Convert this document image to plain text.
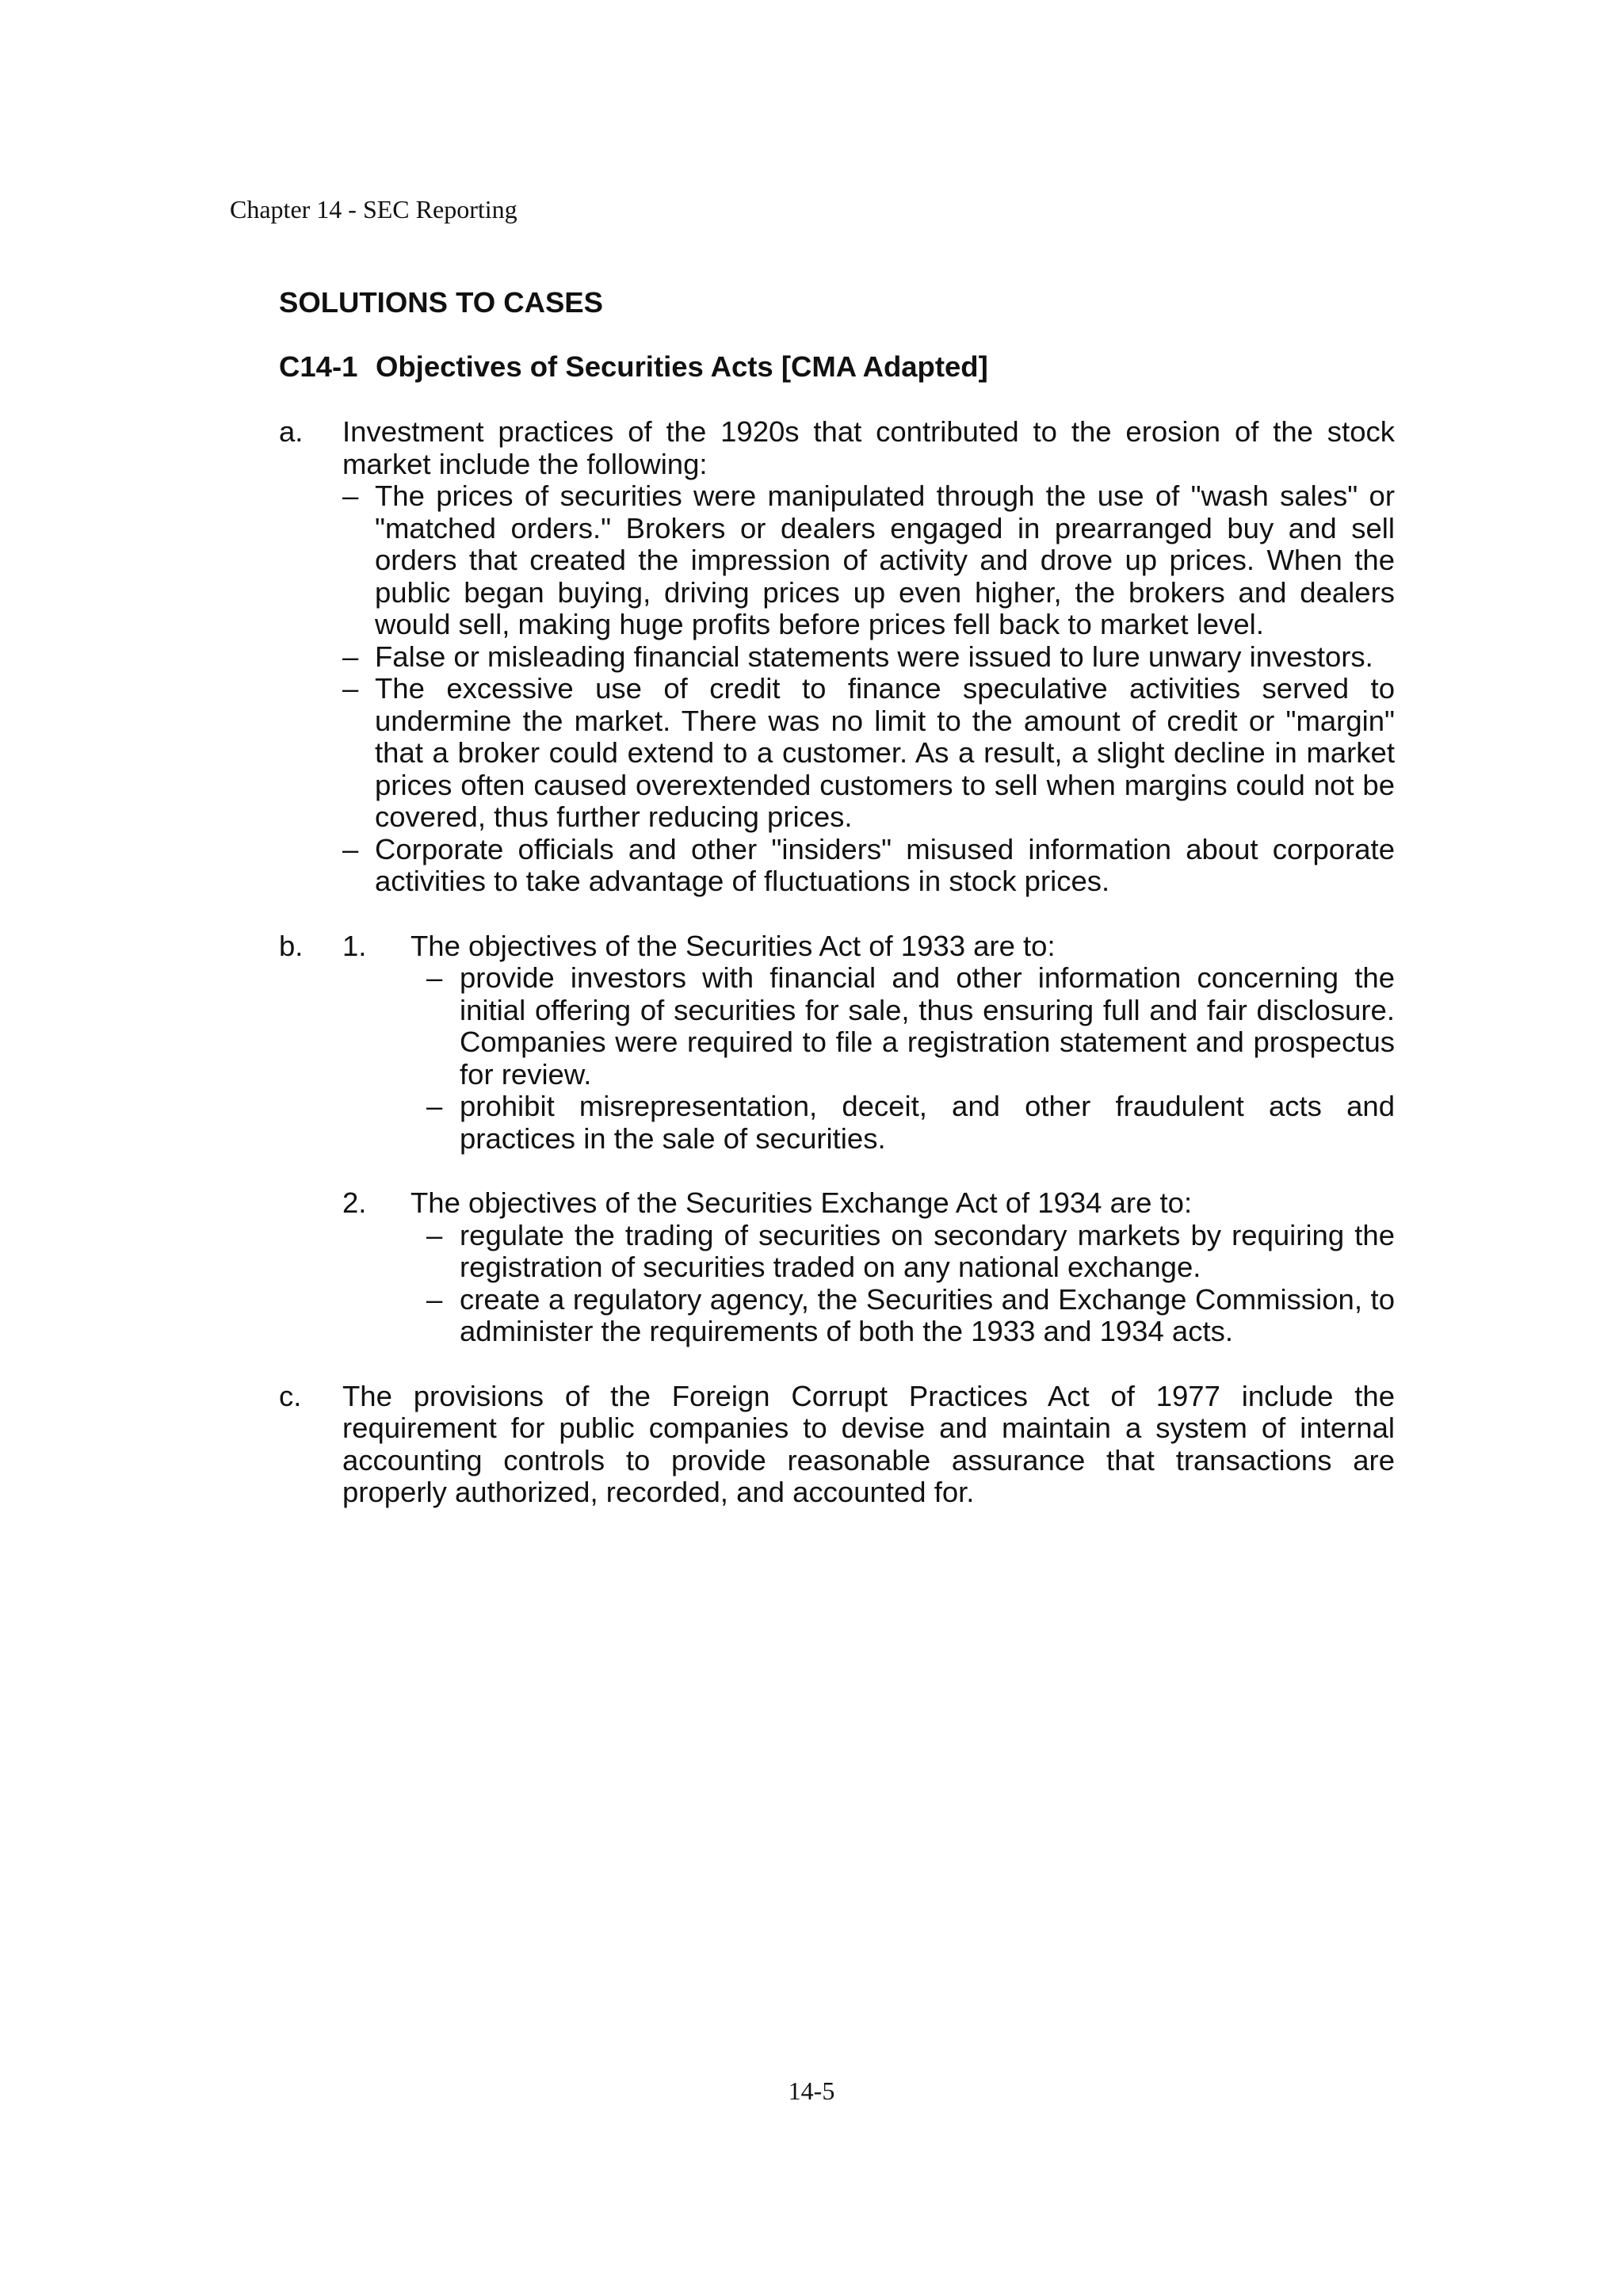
Chapter 14 - SEC Reporting

SOLUTIONS TO CASES

C14-1 Objectives of Securities Acts [CMA Adapted]

a. Investment practices of the 1920s that contributed to the erosion of the stock market include the following:
– The prices of securities were manipulated through the use of "wash sales" or "matched orders." Brokers or dealers engaged in prearranged buy and sell orders that created the impression of activity and drove up prices. When the public began buying, driving prices up even higher, the brokers and dealers would sell, making huge profits before prices fell back to market level.
– False or misleading financial statements were issued to lure unwary investors.
– The excessive use of credit to finance speculative activities served to undermine the market. There was no limit to the amount of credit or "margin" that a broker could extend to a customer. As a result, a slight decline in market prices often caused overextended customers to sell when margins could not be covered, thus further reducing prices.
– Corporate officials and other "insiders" misused information about corporate activities to take advantage of fluctuations in stock prices.
b. 1. The objectives of the Securities Act of 1933 are to:
– provide investors with financial and other information concerning the initial offering of securities for sale, thus ensuring full and fair disclosure. Companies were required to file a registration statement and prospectus for review.
– prohibit misrepresentation, deceit, and other fraudulent acts and practices in the sale of securities.
2. The objectives of the Securities Exchange Act of 1934 are to:
– regulate the trading of securities on secondary markets by requiring the registration of securities traded on any national exchange.
– create a regulatory agency, the Securities and Exchange Commission, to administer the requirements of both the 1933 and 1934 acts.
c. The provisions of the Foreign Corrupt Practices Act of 1977 include the requirement for public companies to devise and maintain a system of internal accounting controls to provide reasonable assurance that transactions are properly authorized, recorded, and accounted for.
14-5
